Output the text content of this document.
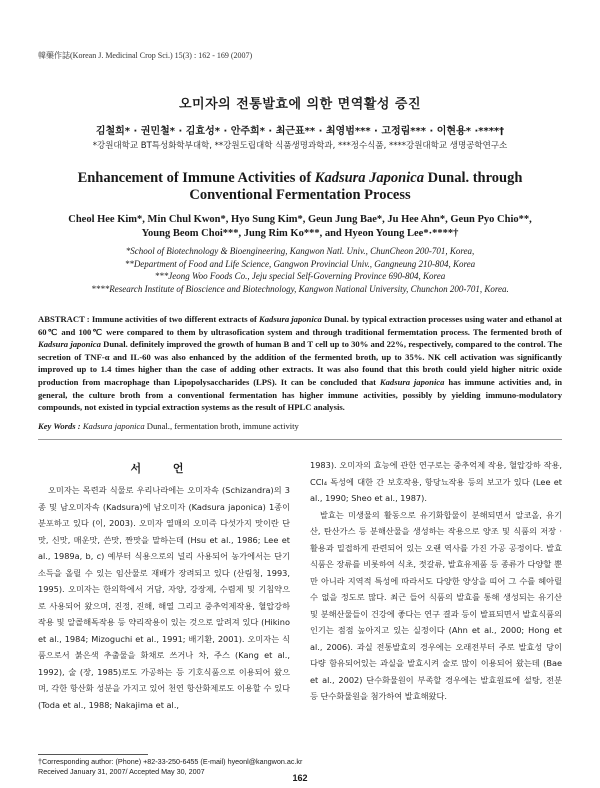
韓藥作誌(Korean J. Medicinal Crop Sci.) 15(3) : 162 - 169 (2007)
오미자의 전통발효에 의한 면역활성 증진
김철희* · 권민철* · 김효성* · 안주희* · 최근표** · 최영범*** · 고정림*** · 이현용* ·****†
*강원대학교 BT특성화학부대학, **강원도립대학 식품생명과학과, ***정수식품, ****강원대학교 생명공학연구소
Enhancement of Immune Activities of Kadsura Japonica Dunal. through
Conventional Fermentation Process
Cheol Hee Kim*, Min Chul Kwon*, Hyo Sung Kim*, Geun Jung Bae*, Ju Hee Ahn*, Geun Pyo Chio**,
Young Beom Choi***, Jung Rim Ko***, and Hyeon Young Lee*·****†
*School of Biotechnology & Bioengineering, Kangwon Natl. Univ., ChunCheon 200-701, Korea,
**Department of Food and Life Science, Gangwon Provincial Univ., Gangneung 210-804, Korea
***Jeong Woo Foods Co., Jeju special Self-Governing Province 690-804, Korea
****Research Institute of Bioscience and Biotechnology, Kangwon National University, Chunchon 200-701, Korea.
ABSTRACT : Immune activities of two different extracts of Kadsura japonica Dunal. by typical extraction processes using water and ethanol at 60℃ and 100℃ were compared to them by ultrasofication system and through traditional fermemtation process. The fermented broth of Kadsura japonica Dunal. definitely improved the growth of human B and T cell up to 30% and 22%, respectively, compared to the control. The secretion of TNF-α and IL-60 was also enhanced by the addition of the fermented broth, up to 35%. NK cell activation was significantly improved up to 1.4 times higher than the case of adding other extracts. It was also found that this broth could yield higher nitric oxide production from macrophage than Lipopolysaccharides (LPS). It can be concluded that Kadsura japonica has immune activities and, in general, the culture broth from a conventional fermentation has higher immune activities, possibly by yielding immuno-modulatory compounds, not existed in typcial extraction systems as the result of HPLC analysis.
Key Words : Kadsura japonica Dunal., fermentation broth, immune activity
서 언

오미자는 목련과 식물로 우리나라에는 오미자속 (Schizandra)의 3종 및 남오미자속 (Kadsura)에 남오미자 (Kadsura japonica) 1종이 분포하고 있다 (이, 2003). 오미자 열매의 오미즉 다섯가지 맛이란 단맛, 신맛, 매운맛, 쓴맛, 짠맛을 말하는데 (Hsu et al., 1986; Lee et al., 1989a, b, c) 예부터 식용으로의 널리 사용되어 농가에서는 단기소득을 올릴 수 있는 임산물로 재배가 장려되고 있다 (산림청, 1993, 1995). 오미자는 한의학에서 거담, 자양, 강장제, 수렴제 및 기침약으로 사용되어 왔으며, 진정, 진해, 해열 그리고 중추억제작용, 혈압강하작용 및 알콜해독작용 등 약리작용이 있는 것으로 알려져 있다 (Hikino et al., 1984; Mizoguchi et al., 1991; 배기환, 2001). 오미자는 식품으로서 붉은색 추출물을 화채로 쓰거나 차, 주스 (Kang et al., 1992), 술 (장, 1985)로도 가공하는 등 기호식품으로 이용되어 왔으며, 각한 항산화 성분을 가지고 있어 천연 항산화제로도 이용할 수 있다 (Toda et al., 1988; Nakajima et al.,

1983). 오미자의 효능에 관한 연구로는 중추억제 작용, 혈압강하 작용, CCl₄ 독성에 대한 간 보호작용, 항당뇨작용 등의 보고가 있다 (Lee et al., 1990; Sheo et al., 1987).

발효는 미생물의 활동으로 유기화합물이 분해되면서 알코올, 유기산, 탄산가스 등 분해산물을 생성하는 작용으로 양조 및 식품의 저장 · 활용과 밀접하게 관련되어 있는 오랜 역사를 가진 가공 공정이다. 발효식품은 장류를 비롯하여 식초, 젓갈류, 발효유제품 등 종류가 다양할 뿐만 아니라 지역적 특성에 따라서도 다양한 양상을 띠어 그 수를 헤아릴 수 없을 정도로 많다. 최근 들어 식품의 발효를 통해 생성되는 유기산 및 분해산물들이 건강에 좋다는 연구 결과 등이 발표되면서 발효식품의 인기는 점점 높아지고 있는 실정이다 (Ahn et al., 2000; Hong et al., 2006). 과실 전통발효의 경우에는 오래전부터 주로 발효성 당이 다량 함유되어있는 과실을 발효시켜 술로 많이 이용되어 왔는데 (Bae et al., 2002) 단수화물원이 부족할 경우에는 발효원료에 설탕, 전분 등 단수화물원을 첨가하여 발효해왔다.

†Corresponding author: (Phone) +82-33-250-6455 (E-mail) hyeonl@kangwon.ac.kr
Received January 31, 2007/ Accepted May 30, 2007
162
